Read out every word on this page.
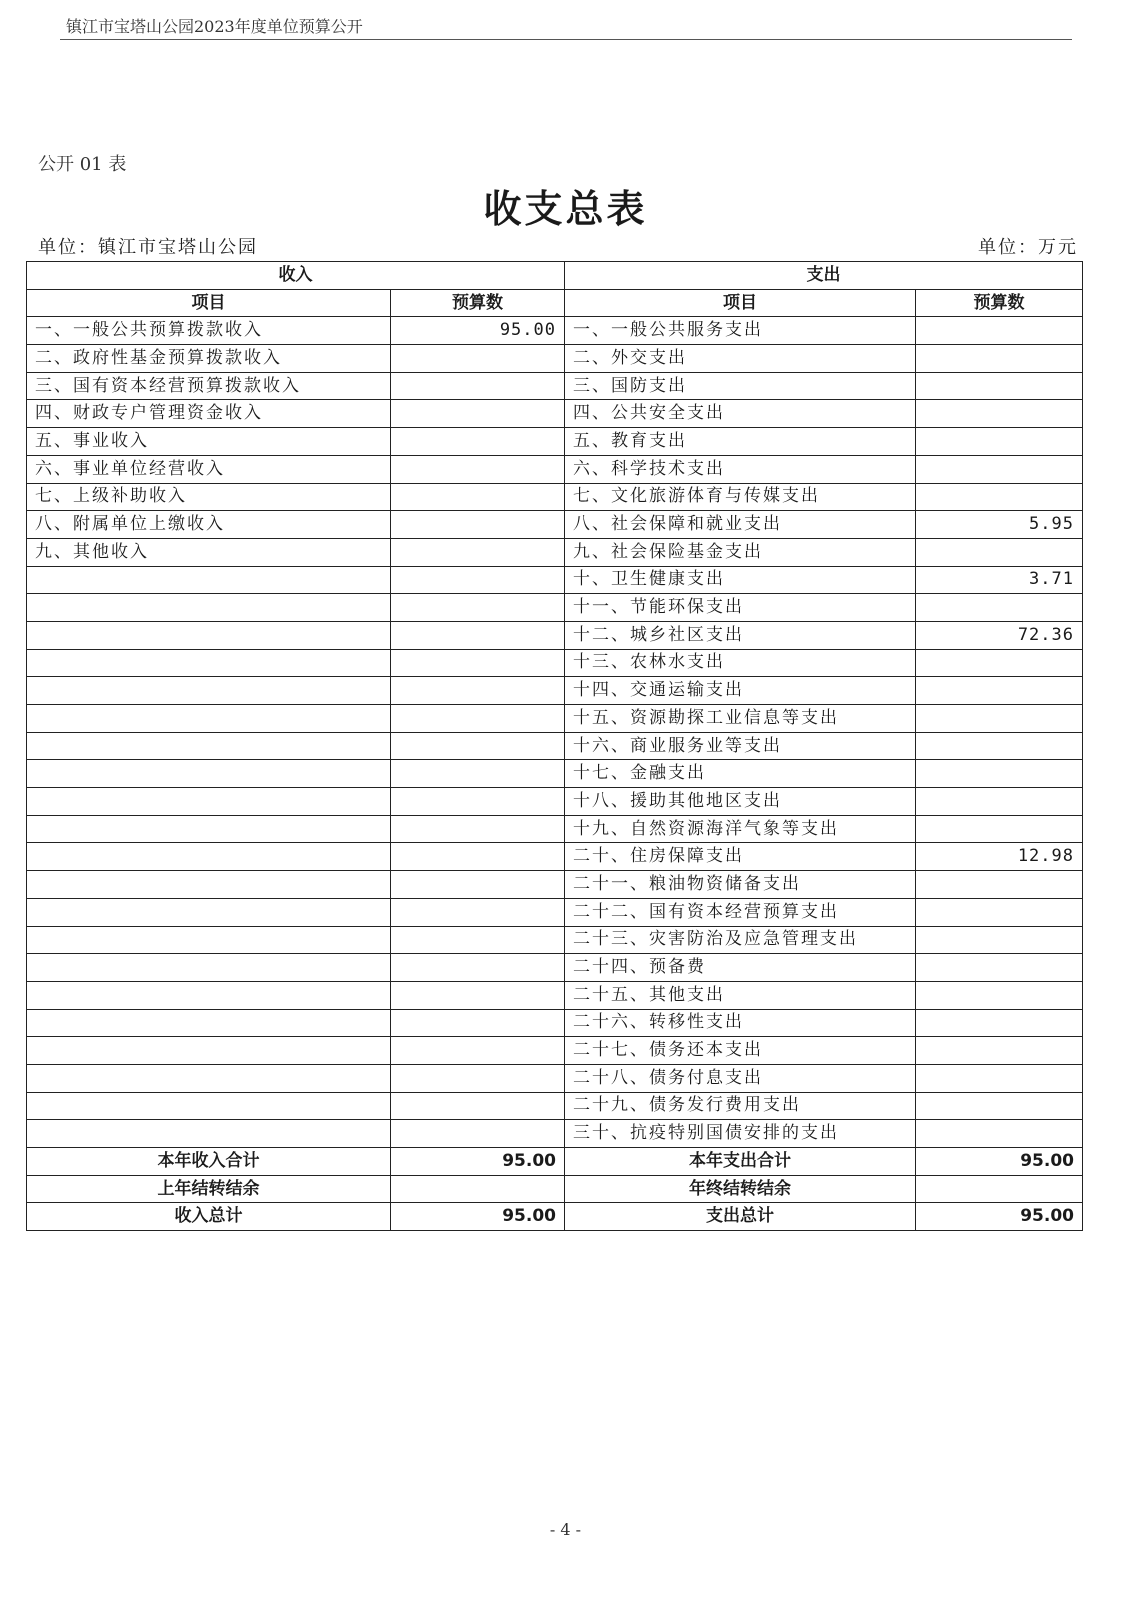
镇江市宝塔山公园2023年度单位预算公开
公开 01 表
收支总表
单位：镇江市宝塔山公园	单位：万元
收入		支出	
项目	预算数	项目	预算数
一、一般公共预算拨款收入	95.00	一、一般公共服务支出	
二、政府性基金预算拨款收入		二、外交支出	
三、国有资本经营预算拨款收入		三、国防支出	
四、财政专户管理资金收入		四、公共安全支出	
五、事业收入		五、教育支出	
六、事业单位经营收入		六、科学技术支出	
七、上级补助收入		七、文化旅游体育与传媒支出	
八、附属单位上缴收入		八、社会保障和就业支出	5.95
九、其他收入		九、社会保险基金支出	
		十、卫生健康支出	3.71
		十一、节能环保支出	
		十二、城乡社区支出	72.36
		十三、农林水支出	
		十四、交通运输支出	
		十五、资源勘探工业信息等支出	
		十六、商业服务业等支出	
		十七、金融支出	
		十八、援助其他地区支出	
		十九、自然资源海洋气象等支出	
		二十、住房保障支出	12.98
		二十一、粮油物资储备支出	
		二十二、国有资本经营预算支出	
		二十三、灾害防治及应急管理支出	
		二十四、预备费	
		二十五、其他支出	
		二十六、转移性支出	
		二十七、债务还本支出	
		二十八、债务付息支出	
		二十九、债务发行费用支出	
		三十、抗疫特别国债安排的支出	
本年收入合计	95.00	本年支出合计	95.00
上年结转结余		年终结转结余	
收入总计	95.00	支出总计	95.00
- 4 -
